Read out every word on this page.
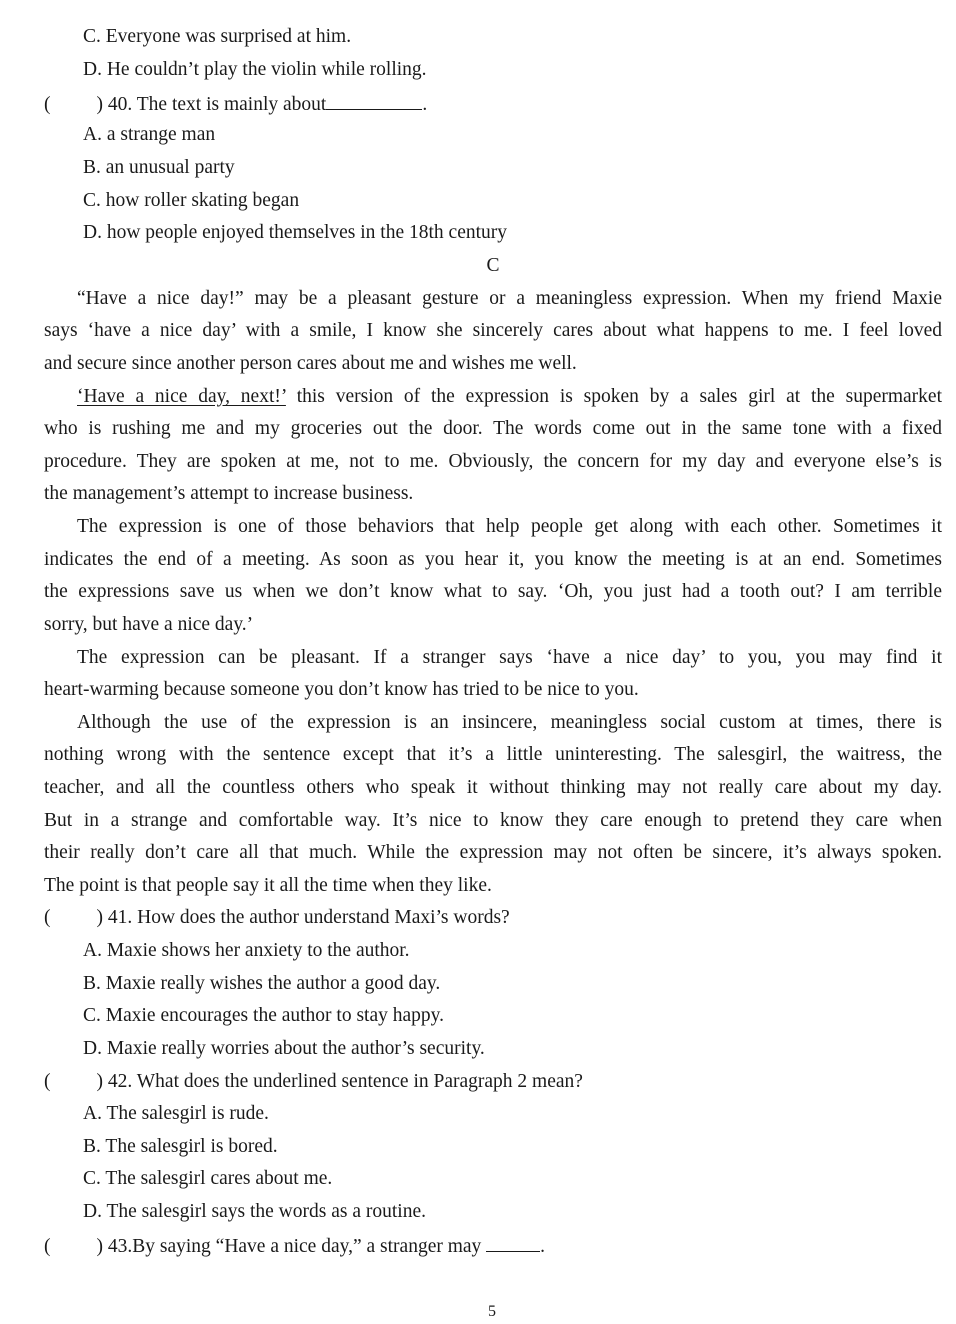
C. Everyone was surprised at him.
D. He couldn’t play the violin while rolling.
( ) 40. The text is mainly about	.
A. a strange man
B. an unusual party
C. how roller skating began
D. how people enjoyed themselves in the 18th century
C
“Have a nice day!” may be a pleasant gesture or a meaningless expression. When my friend Maxie
says ‘have a nice day’ with a smile, I know she sincerely cares about what happens to me. I feel loved
and secure since another person cares about me and wishes me well.
‘Have a nice day, next!’ this version of the expression is spoken by a sales girl at the supermarket
who is rushing me and my groceries out the door. The words come out in the same tone with a fixed
procedure. They are spoken at me, not to me. Obviously, the concern for my day and everyone else’s is
the management’s attempt to increase business.
The expression is one of those behaviors that help people get along with each other. Sometimes it
indicates the end of a meeting. As soon as you hear it, you know the meeting is at an end. Sometimes
the expressions save us when we don’t know what to say. ‘Oh, you just had a tooth out? I am terrible
sorry, but have a nice day.’
The expression can be pleasant. If a stranger says ‘have a nice day’ to you, you may find it
heart-warming because someone you don’t know has tried to be nice to you.
Although the use of the expression is an insincere, meaningless social custom at times, there is
nothing wrong with the sentence except that it’s a little uninteresting. The salesgirl, the waitress, the
teacher, and all the countless others who speak it without thinking may not really care about my day.
But in a strange and comfortable way. It’s nice to know they care enough to pretend they care when
their really don’t care all that much. While the expression may not often be sincere, it’s always spoken.
The point is that people say it all the time when they like.
( ) 41. How does the author understand Maxi’s words?
A. Maxie shows her anxiety to the author.
B. Maxie really wishes the author a good day.
C. Maxie encourages the author to stay happy.
D. Maxie really worries about the author’s security.
( ) 42. What does the underlined sentence in Paragraph 2 mean?
A. The salesgirl is rude.
B. The salesgirl is bored.
C. The salesgirl cares about me.
D. The salesgirl says the words as a routine.
( ) 43.By saying “Have a nice day,” a stranger may	.
5
